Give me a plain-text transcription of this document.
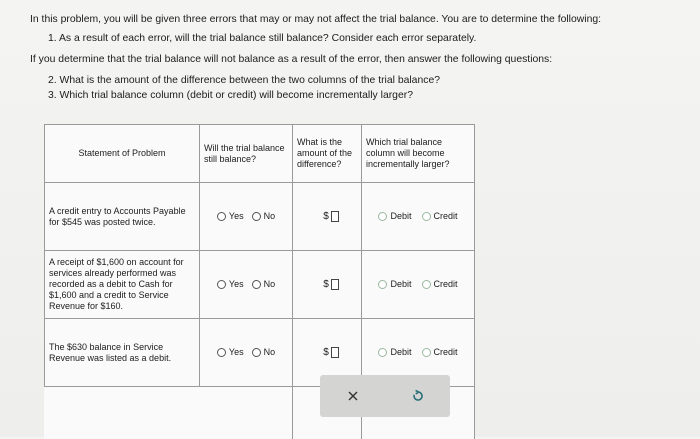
In this problem, you will be given three errors that may or may not affect the trial balance. You are to determine the following:

1. As a result of each error, will the trial balance still balance? Consider each error separately.

If you determine that the trial balance will not balance as a result of the error, then answer the following questions:

2. What is the amount of the difference between the two columns of the trial balance?

3. Which trial balance column (debit or credit) will become incrementally larger?

Statement of Problem	Will the trial balance still balance?	What is the amount of the difference?	Which trial balance column will become incrementally larger?
A credit entry to Accounts Payable for $545 was posted twice.	Yes No	$	Debit Credit

A receipt of $1,600 on account for services already performed was recorded as a debit to Cash for $1,600 and a credit to Service Revenue for $160.	Yes No	$	Debit Credit

The $630 balance in Service Revenue was listed as a debit.	Yes No	$	Debit Credit
